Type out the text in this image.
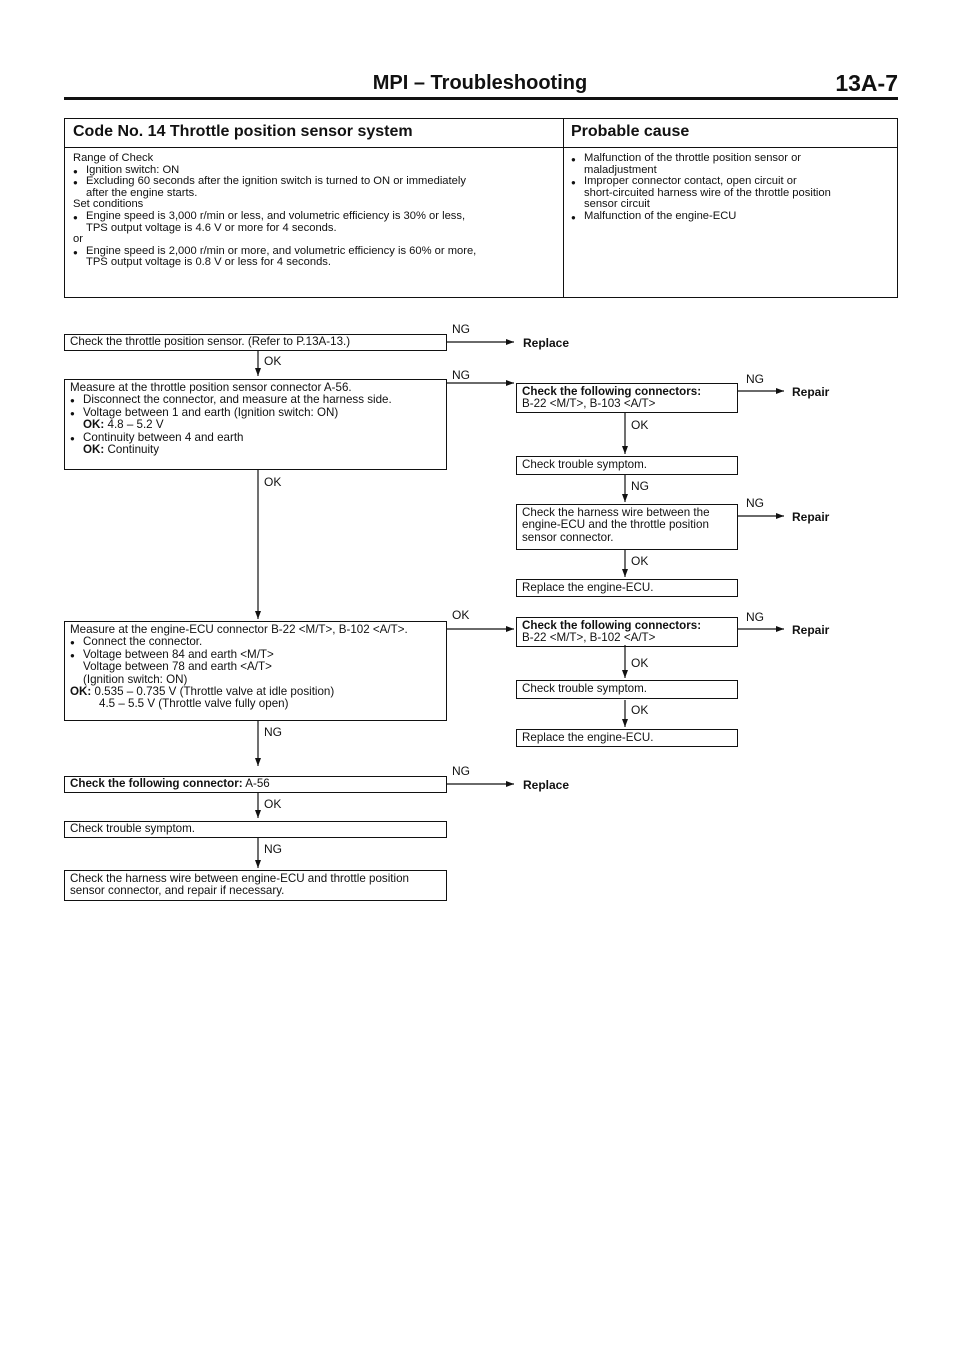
MPI – Troubleshooting	13A-7
Code No. 14 Throttle position sensor system	Probable cause
Range of Check
● Ignition switch: ON
● Excluding 60 seconds after the ignition switch is turned to ON or immediately
after the engine starts.
Set conditions
● Engine speed is 3,000 r/min or less, and volumetric efficiency is 30% or less,
TPS output voltage is 4.6 V or more for 4 seconds.
or
● Engine speed is 2,000 r/min or more, and volumetric efficiency is 60% or more,
TPS output voltage is 0.8 V or less for 4 seconds.
● Malfunction of the throttle position sensor or
maladjustment
● Improper connector contact, open circuit or
short-circuited harness wire of the throttle position
sensor circuit
● Malfunction of the engine-ECU
Check the throttle position sensor. (Refer to P.13A-13.)
Measure at the throttle position sensor connector A-56.
● Disconnect the connector, and measure at the harness side.
● Voltage between 1 and earth (Ignition switch: ON)
OK: 4.8 – 5.2 V
● Continuity between 4 and earth
OK: Continuity
Measure at the engine-ECU connector B-22 <M/T>, B-102 <A/T>.
● Connect the connector.
● Voltage between 84 and earth <M/T>
Voltage between 78 and earth <A/T>
(Ignition switch: ON)
OK: 0.535 – 0.735 V (Throttle valve at idle position)
4.5 – 5.5 V (Throttle valve fully open)
Check the following connector: A-56
Check trouble symptom.
Check the harness wire between engine-ECU and throttle position
sensor connector, and repair if necessary.
Check the following connectors:
B-22 <M/T>, B-103 <A/T>
Check trouble symptom.
Check the harness wire between the
engine-ECU and the throttle position
sensor connector.
Replace the engine-ECU.
Check the following connectors:
B-22 <M/T>, B-102 <A/T>
Check trouble symptom.
Replace the engine-ECU.
OK
OK
NG
OK
NG
NG
NG
OK
NG
OK
NG
OK
OK
OK
NG
NG
NG
Replace
Replace
Repair
Repair
Repair
